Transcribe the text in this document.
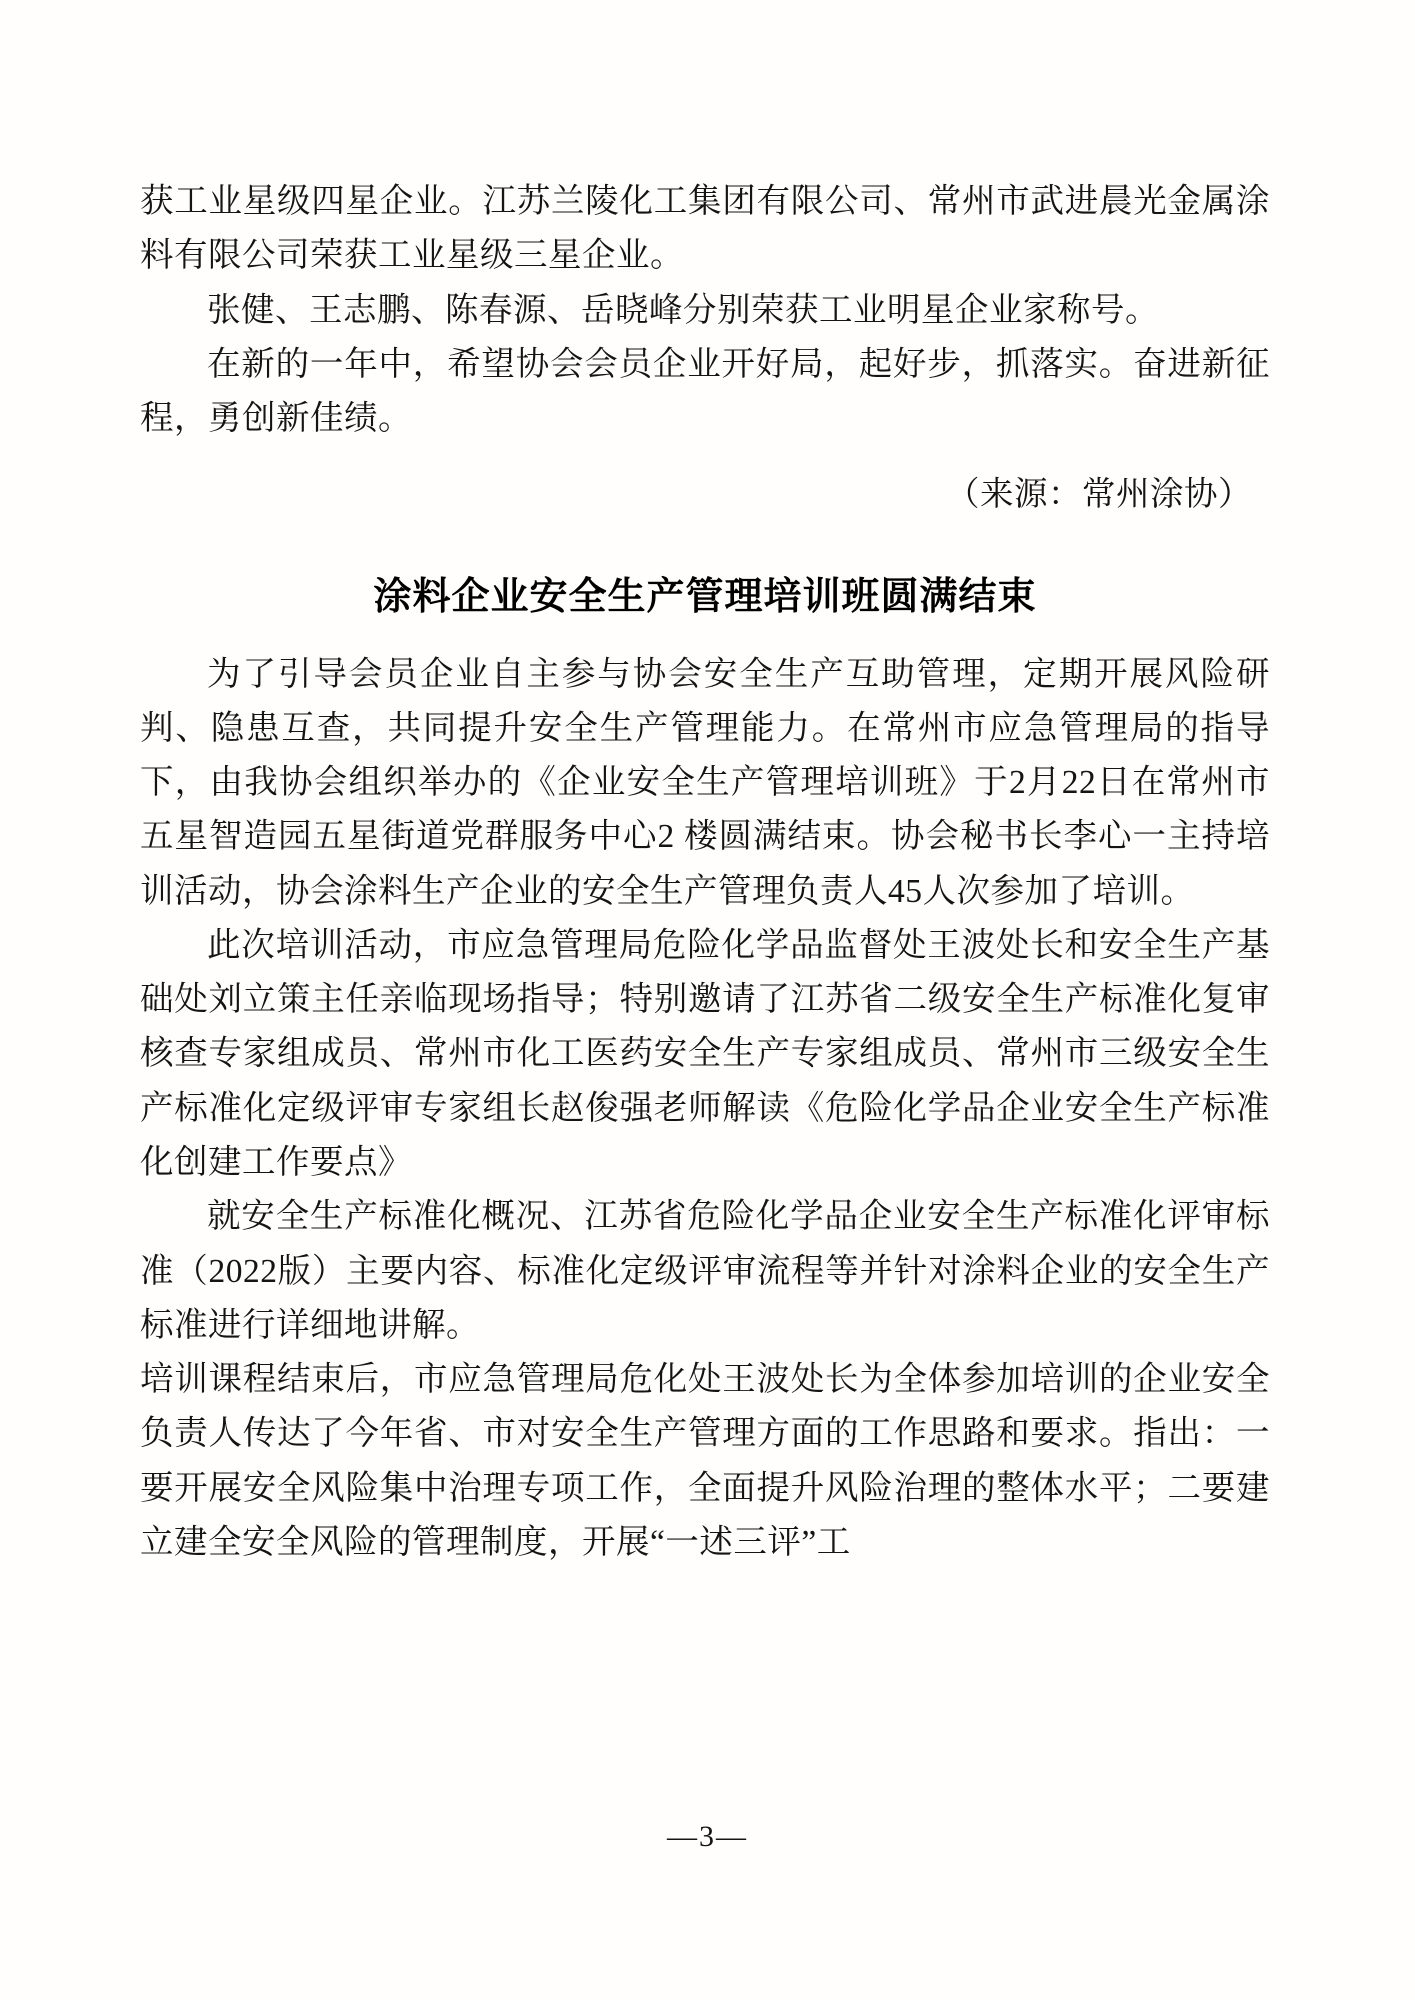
获工业星级四星企业。江苏兰陵化工集团有限公司、常州市武进晨光金属涂料有限公司荣获工业星级三星企业。

张健、王志鹏、陈春源、岳晓峰分别荣获工业明星企业家称号。

在新的一年中，希望协会会员企业开好局，起好步，抓落实。奋进新征程，勇创新佳绩。

（来源：常州涂协）
涂料企业安全生产管理培训班圆满结束

为了引导会员企业自主参与协会安全生产互助管理，定期开展风险研判、隐患互查，共同提升安全生产管理能力。在常州市应急管理局的指导下，由我协会组织举办的《企业安全生产管理培训班》于2月22日在常州市五星智造园五星街道党群服务中心2 楼圆满结束。协会秘书长李心一主持培训活动，协会涂料生产企业的安全生产管理负责人45人次参加了培训。

此次培训活动，市应急管理局危险化学品监督处王波处长和安全生产基础处刘立策主任亲临现场指导；特别邀请了江苏省二级安全生产标准化复审核查专家组成员、常州市化工医药安全生产专家组成员、常州市三级安全生产标准化定级评审专家组长赵俊强老师解读《危险化学品企业安全生产标准化创建工作要点》

就安全生产标准化概况、江苏省危险化学品企业安全生产标准化评审标准（2022版）主要内容、标准化定级评审流程等并针对涂料企业的安全生产标准进行详细地讲解。

培训课程结束后，市应急管理局危化处王波处长为全体参加培训的企业安全负责人传达了今年省、市对安全生产管理方面的工作思路和要求。指出：一要开展安全风险集中治理专项工作，全面提升风险治理的整体水平；二要建立建全安全风险的管理制度，开展“一述三评”工

—3—
